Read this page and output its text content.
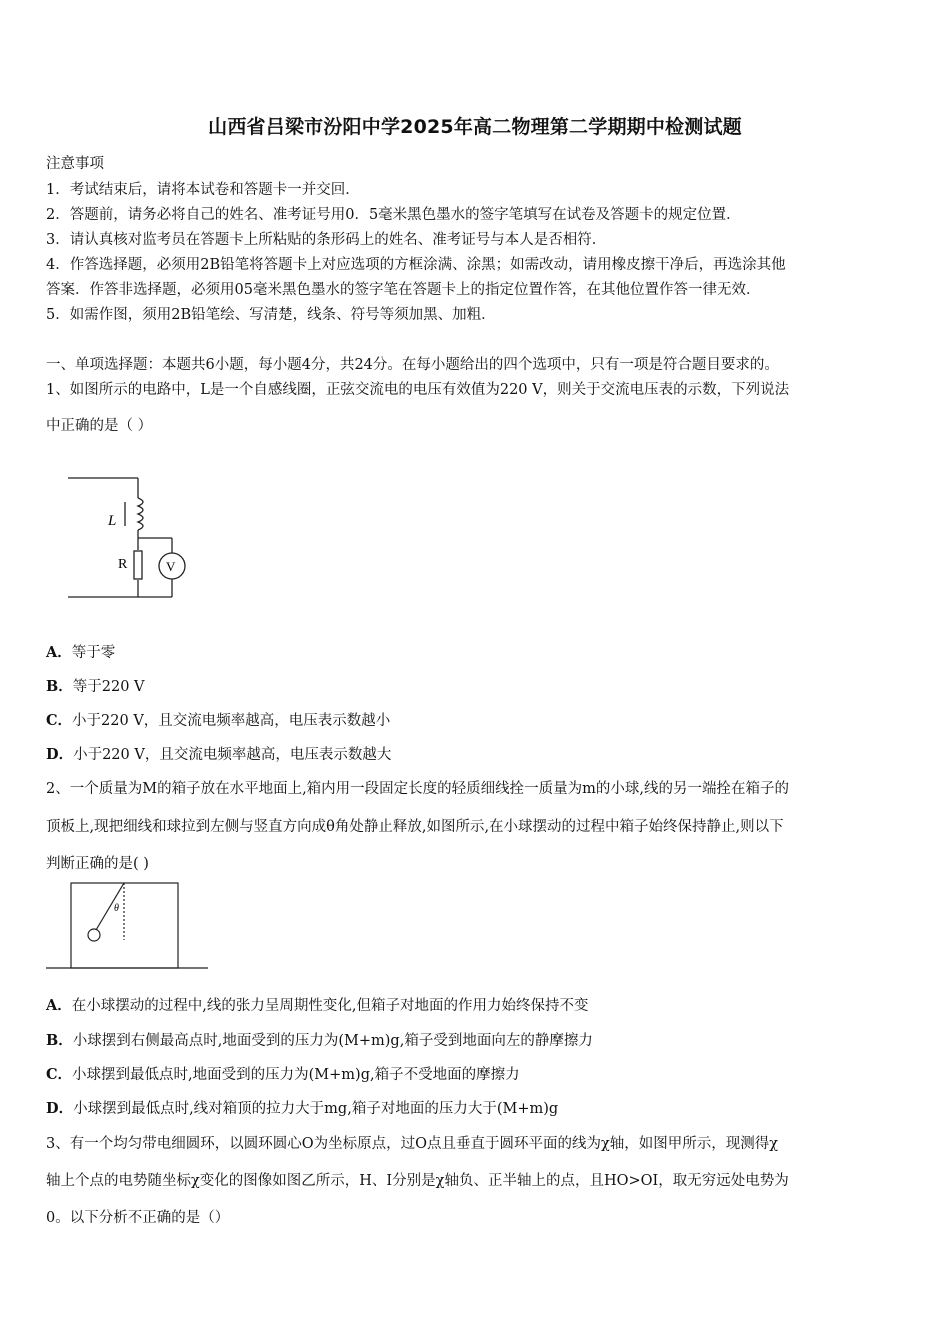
山西省吕梁市汾阳中学2025年高二物理第二学期期中检测试题
注意事项
1．考试结束后，请将本试卷和答题卡一并交回．
2．答题前，请务必将自己的姓名、准考证号用0．5毫米黑色墨水的签字笔填写在试卷及答题卡的规定位置．
3．请认真核对监考员在答题卡上所粘贴的条形码上的姓名、准考证号与本人是否相符．
4．作答选择题，必须用2B铅笔将答题卡上对应选项的方框涂满、涂黑；如需改动，请用橡皮擦干净后，再选涂其他
答案．作答非选择题，必须用05毫米黑色墨水的签字笔在答题卡上的指定位置作答，在其他位置作答一律无效．
5．如需作图，须用2B铅笔绘、写清楚，线条、符号等须加黑、加粗．
一、单项选择题：本题共6小题，每小题4分，共24分。在每小题给出的四个选项中，只有一项是符合题目要求的。
1、如图所示的电路中，L是一个自感线圈，正弦交流电的电压有效值为220 V，则关于交流电压表的示数，下列说法
中正确的是（ ）
L
R	V
A．等于零
B．等于220 V
C．小于220 V，且交流电频率越高，电压表示数越小
D．小于220 V，且交流电频率越高，电压表示数越大
2、一个质量为M的箱子放在水平地面上,箱内用一段固定长度的轻质细线拴一质量为m的小球,线的另一端拴在箱子的
顶板上,现把细线和球拉到左侧与竖直方向成θ角处静止释放,如图所示,在小球摆动的过程中箱子始终保持静止,则以下
判断正确的是( )
θ
A．在小球摆动的过程中,线的张力呈周期性变化,但箱子对地面的作用力始终保持不变
B．小球摆到右侧最高点时,地面受到的压力为(M+m)g,箱子受到地面向左的静摩擦力
C．小球摆到最低点时,地面受到的压力为(M+m)g,箱子不受地面的摩擦力
D．小球摆到最低点时,线对箱顶的拉力大于mg,箱子对地面的压力大于(M+m)g
3、有一个均匀带电细圆环，以圆环圆心O为坐标原点，过O点且垂直于圆环平面的线为χ轴，如图甲所示，现测得χ
轴上个点的电势随坐标χ变化的图像如图乙所示，H、I分别是χ轴负、正半轴上的点，且HO>OI，取无穷远处电势为
0。以下分析不正确的是（）
